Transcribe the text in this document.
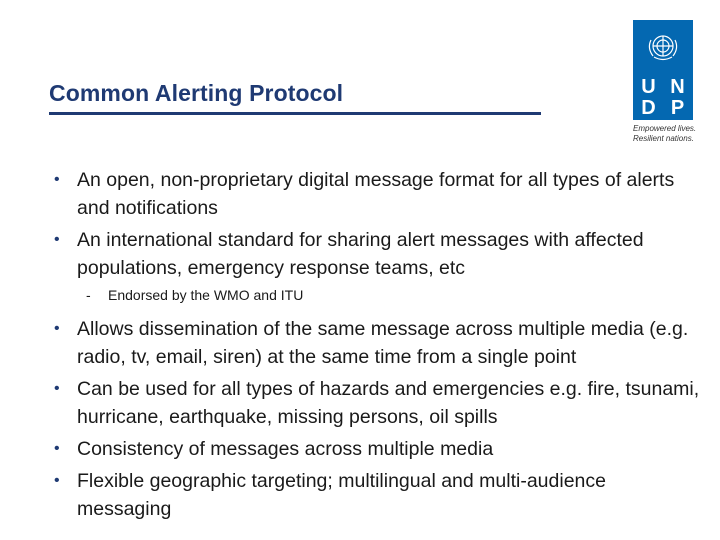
Common Alerting Protocol	U N
D P
Empowered lives.
Resilient nations.
• An open, non-proprietary digital message format for all types of alerts and notifications
• An international standard for sharing alert messages with affected populations, emergency response teams, etc
- Endorsed by the WMO and ITU
• Allows dissemination of the same message across multiple media (e.g. radio, tv, email, siren) at the same time from a single point
• Can be used for all types of hazards and emergencies e.g. fire, tsunami, hurricane, earthquake, missing persons, oil spills
• Consistency of messages across multiple media
• Flexible geographic targeting; multilingual and multi-audience messaging
